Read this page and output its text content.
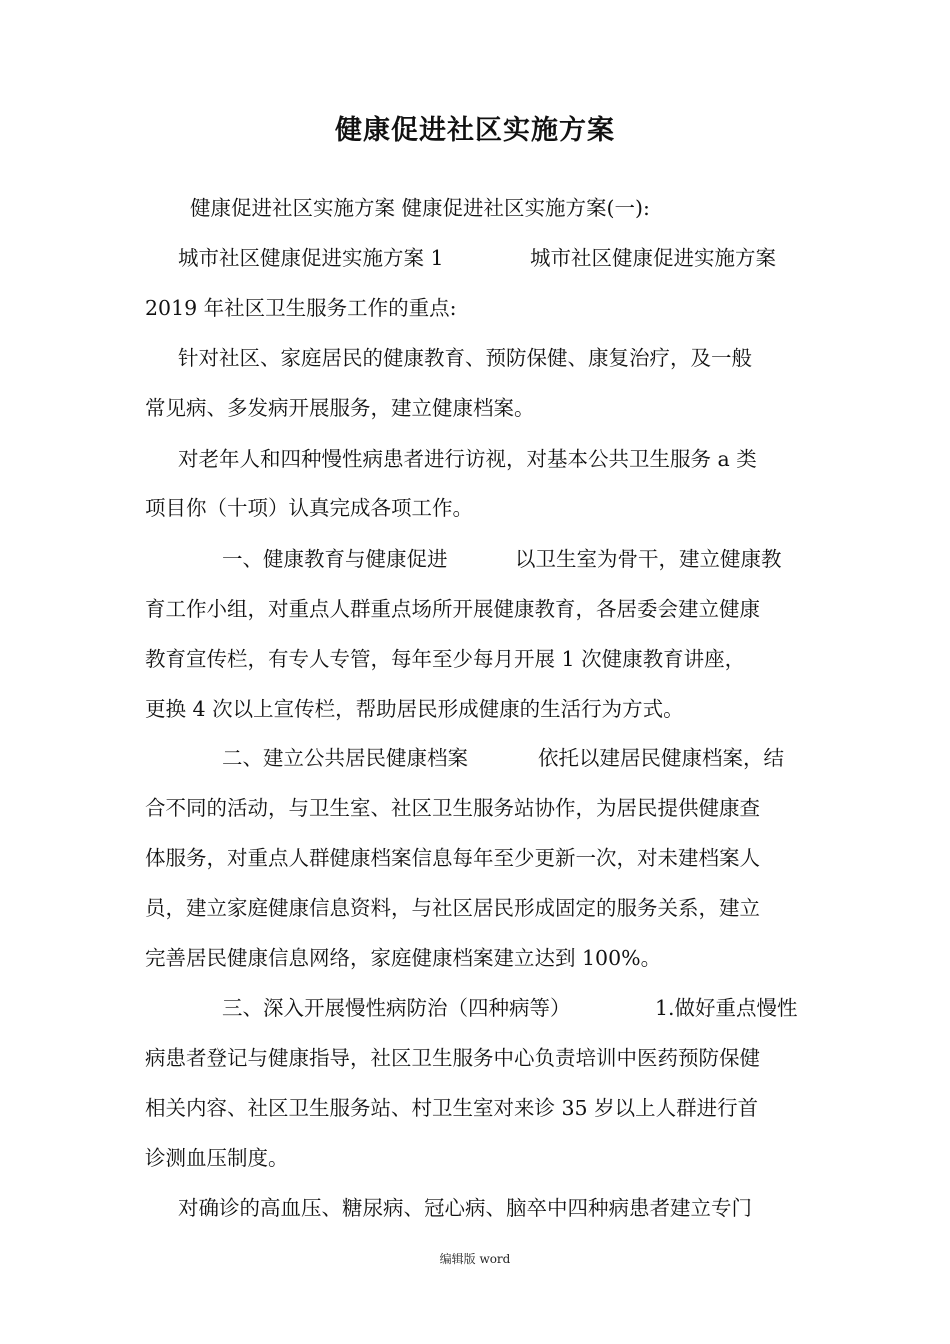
健康促进社区实施方案
健康促进社区实施方案 健康促进社区实施方案(一):
城市社区健康促进实施方案 1	城市社区健康促进实施方案
2019 年社区卫生服务工作的重点:
针对社区、家庭居民的健康教育、预防保健、康复治疗，及一般
常见病、多发病开展服务，建立健康档案。
对老年人和四种慢性病患者进行访视，对基本公共卫生服务 a 类
项目你（十项）认真完成各项工作。
一、健康教育与健康促进	以卫生室为骨干，建立健康教
育工作小组，对重点人群重点场所开展健康教育，各居委会建立健康
教育宣传栏，有专人专管，每年至少每月开展 1 次健康教育讲座，
更换 4 次以上宣传栏，帮助居民形成健康的生活行为方式。
二、建立公共居民健康档案	依托以建居民健康档案，结
合不同的活动，与卫生室、社区卫生服务站协作，为居民提供健康查
体服务，对重点人群健康档案信息每年至少更新一次，对未建档案人
员，建立家庭健康信息资料，与社区居民形成固定的服务关系，建立
完善居民健康信息网络，家庭健康档案建立达到 100%。
三、深入开展慢性病防治（四种病等）	1.做好重点慢性
病患者登记与健康指导，社区卫生服务中心负责培训中医药预防保健
相关内容、社区卫生服务站、村卫生室对来诊 35 岁以上人群进行首
诊测血压制度。
对确诊的高血压、糖尿病、冠心病、脑卒中四种病患者建立专门
编辑版 word
